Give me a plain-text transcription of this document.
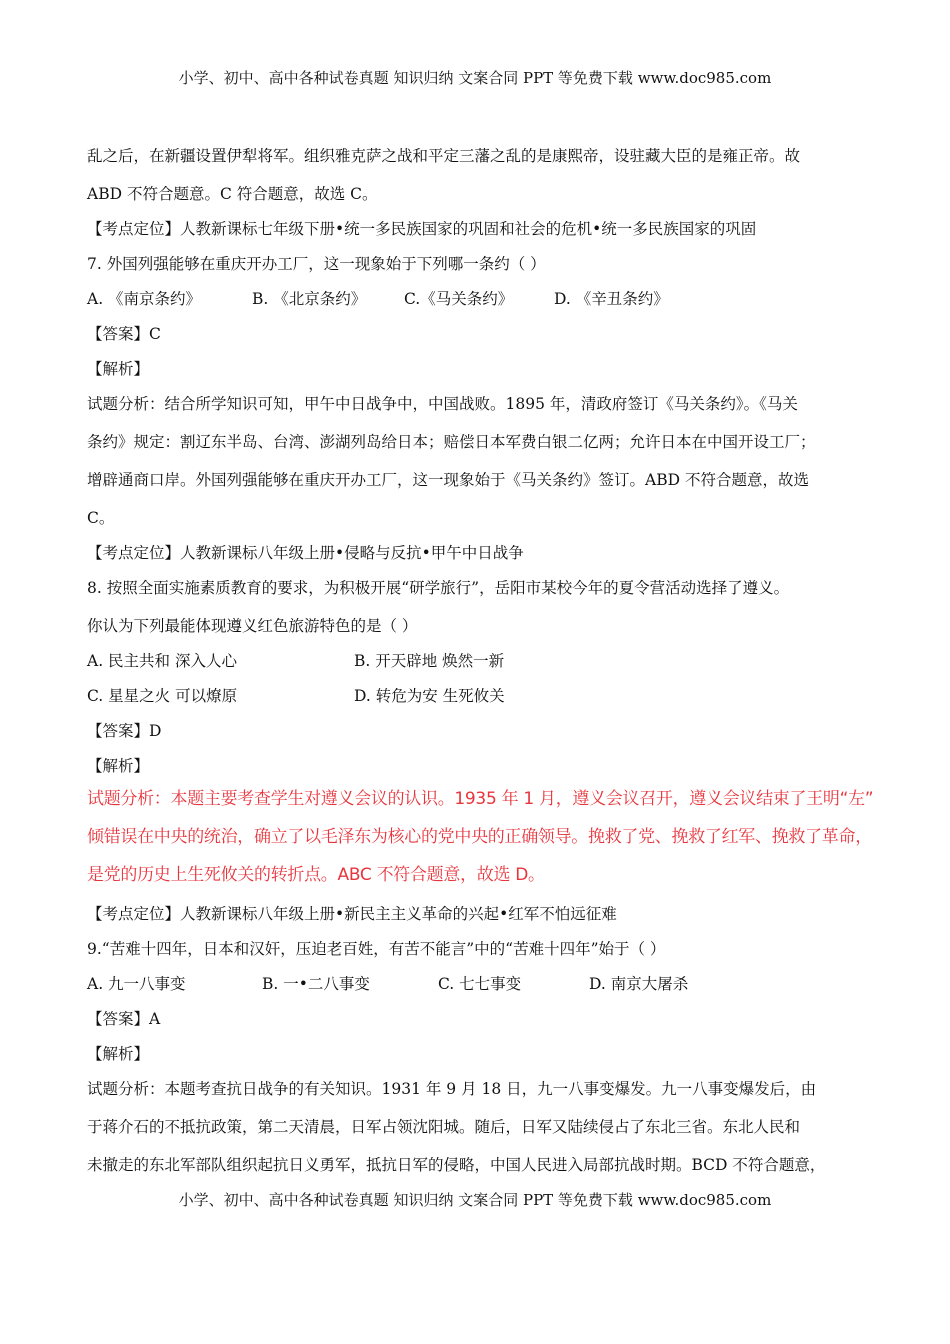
小学、初中、高中各种试卷真题 知识归纳 文案合同 PPT 等免费下载 www.doc985.com
乱之后，在新疆设置伊犁将军。组织雅克萨之战和平定三藩之乱的是康熙帝，设驻藏大臣的是雍正帝。故
ABD 不符合题意。C 符合题意，故选 C。
【考点定位】人教新课标七年级下册•统一多民族国家的巩固和社会的危机•统一多民族国家的巩固
7. 外国列强能够在重庆开办工厂，这一现象始于下列哪一条约（ ）
A. 《南京条约》	B. 《北京条约》 C.《马关条约》	D. 《辛丑条约》
【答案】C
【解析】
试题分析：结合所学知识可知，甲午中日战争中，中国战败。1895 年，清政府签订《马关条约》。《马关
条约》规定：割辽东半岛、台湾、澎湖列岛给日本；赔偿日本军费白银二亿两；允许日本在中国开设工厂；
增辟通商口岸。外国列强能够在重庆开办工厂，这一现象始于《马关条约》签订。ABD 不符合题意，故选
C。
【考点定位】人教新课标八年级上册•侵略与反抗•甲午中日战争
8. 按照全面实施素质教育的要求，为积极开展“研学旅行”，岳阳市某校今年的夏令营活动选择了遵义。
你认为下列最能体现遵义红色旅游特色的是（ ）
A. 民主共和 深入人心	B. 开天辟地 焕然一新
C. 星星之火 可以燎原	D. 转危为安 生死攸关
【答案】D
【解析】
试题分析：本题主要考查学生对遵义会议的认识。1935 年 1 月，遵义会议召开，遵义会议结束了王明“左”
倾错误在中央的统治，确立了以毛泽东为核心的党中央的正确领导。挽救了党、挽救了红军、挽救了革命，
是党的历史上生死攸关的转折点。ABC 不符合题意，故选 D。
【考点定位】人教新课标八年级上册•新民主主义革命的兴起•红军不怕远征难
9.“苦难十四年，日本和汉奸，压迫老百姓，有苦不能言”中的“苦难十四年”始于（ ）
A. 九一八事变	B. 一•二八事变	C. 七七事变	D. 南京大屠杀
【答案】A
【解析】
试题分析：本题考查抗日战争的有关知识。1931 年 9 月 18 日，九一八事变爆发。九一八事变爆发后，由
于蒋介石的不抵抗政策，第二天清晨，日军占领沈阳城。随后，日军又陆续侵占了东北三省。东北人民和
未撤走的东北军部队组织起抗日义勇军，抵抗日军的侵略，中国人民进入局部抗战时期。BCD 不符合题意，
小学、初中、高中各种试卷真题 知识归纳 文案合同 PPT 等免费下载 www.doc985.com
